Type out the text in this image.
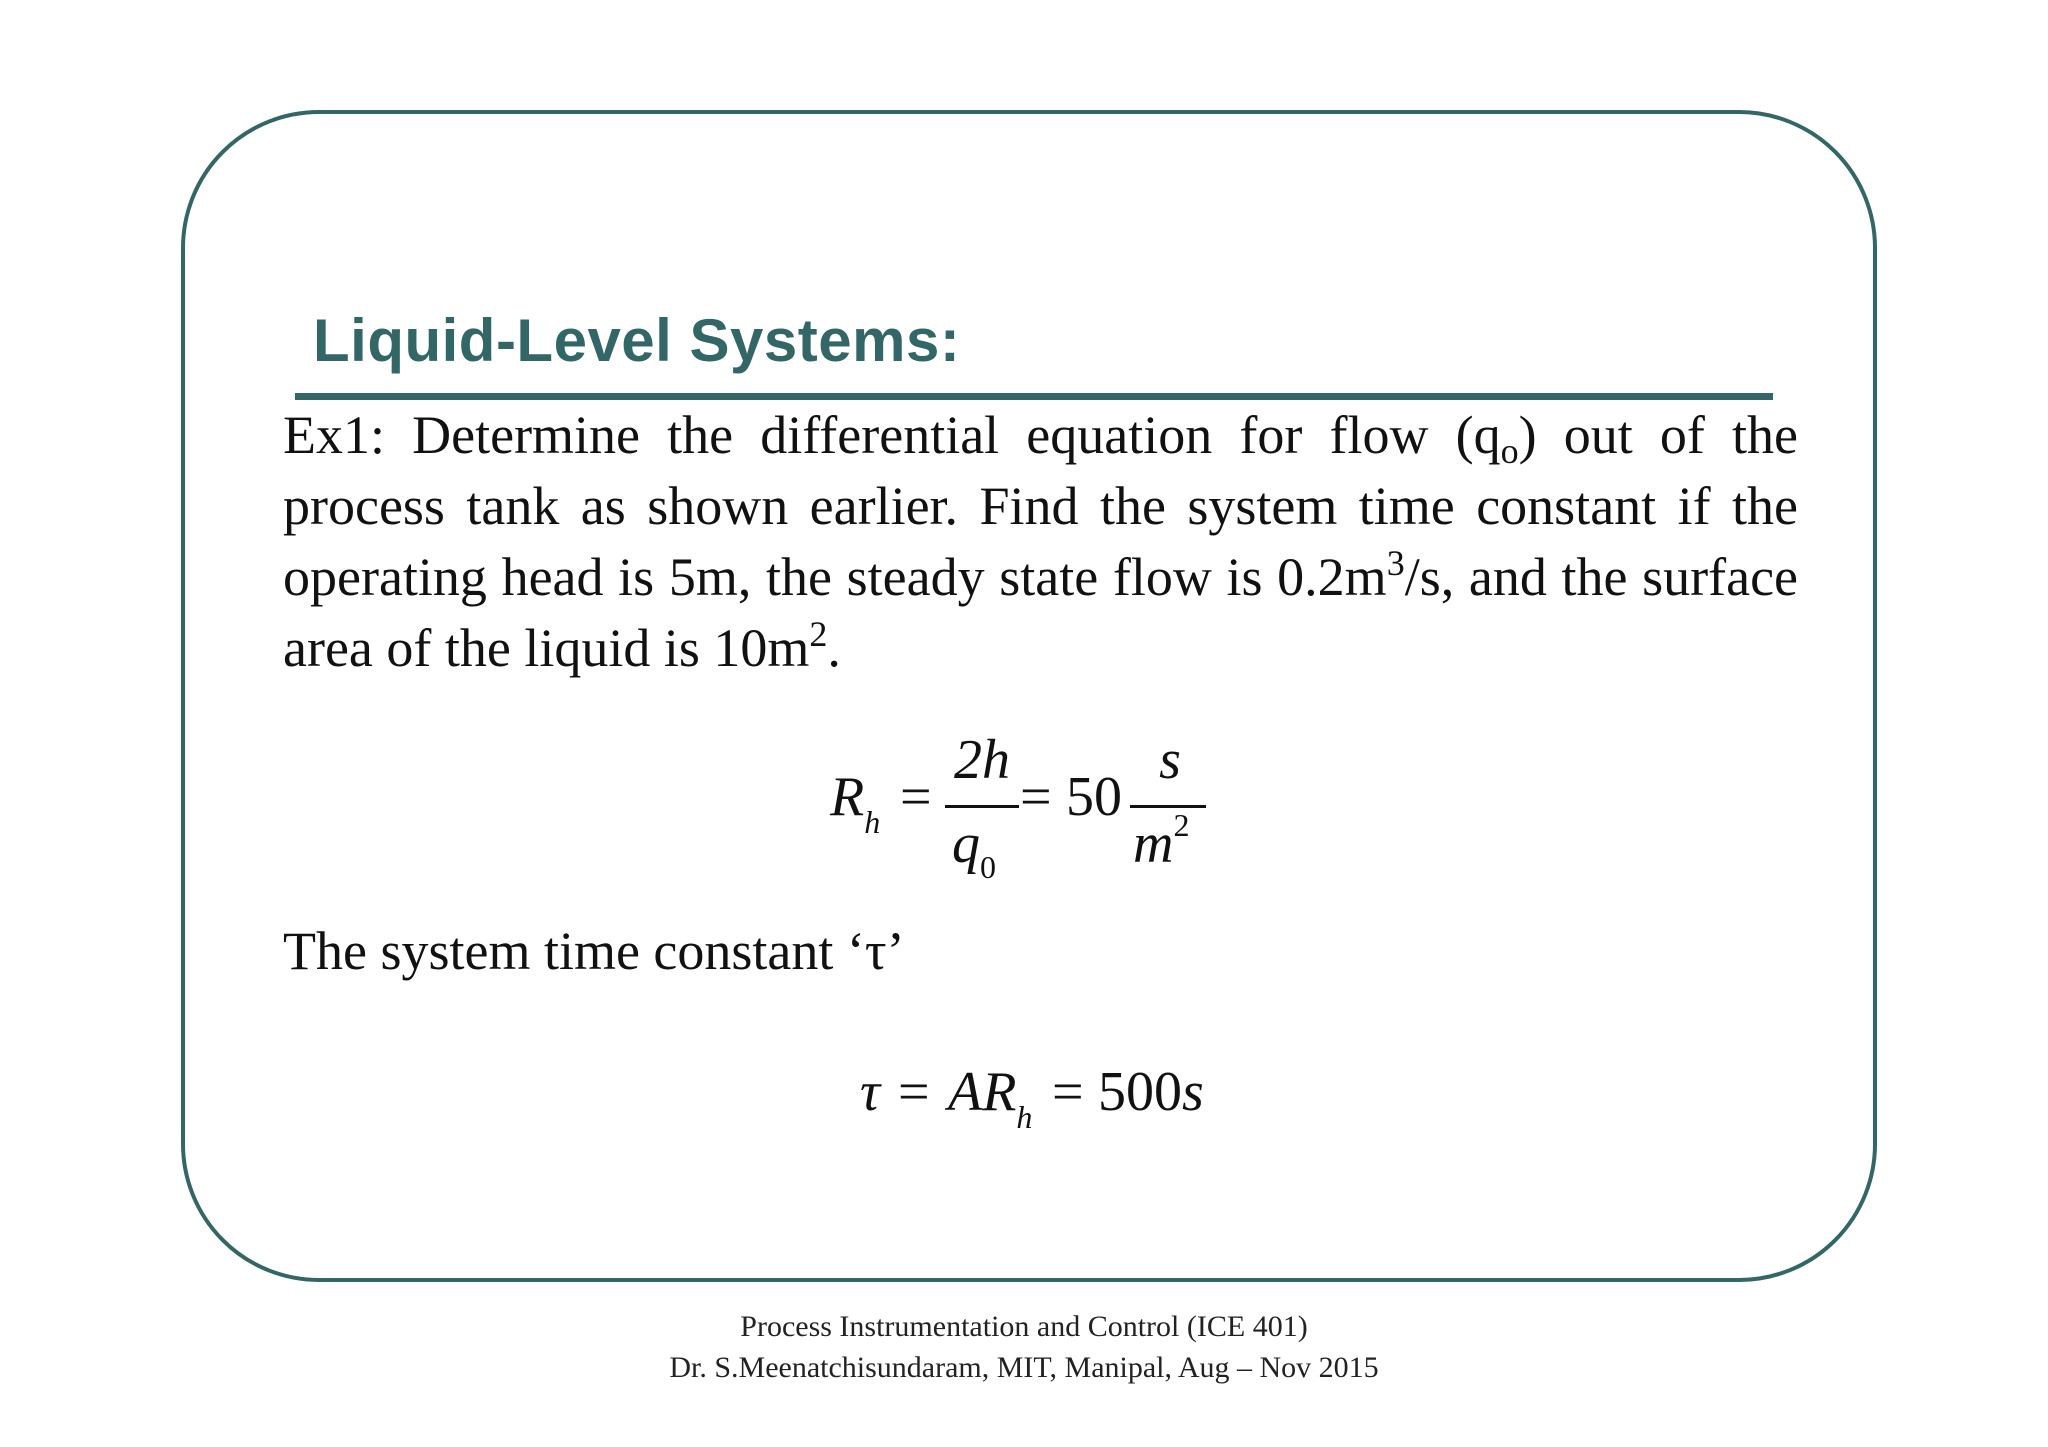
Liquid-Level Systems:

Ex1: Determine the differential equation for flow $(q_o)$ out of the process tank as shown earlier. Find the system time constant if the operating head is 5m, the steady state flow is $0.2m^3/s$, and the surface area of the liquid is $10m^2$.

$R_h$ =
2h
$q_0$
= 50
s
$m^2$

The system time constant ‘τ’

$\tau = AR_h = 500s$

Process Instrumentation and Control (ICE 401)

Dr. S.Meenatchisundaram, MIT, Manipal, Aug – Nov 2015
